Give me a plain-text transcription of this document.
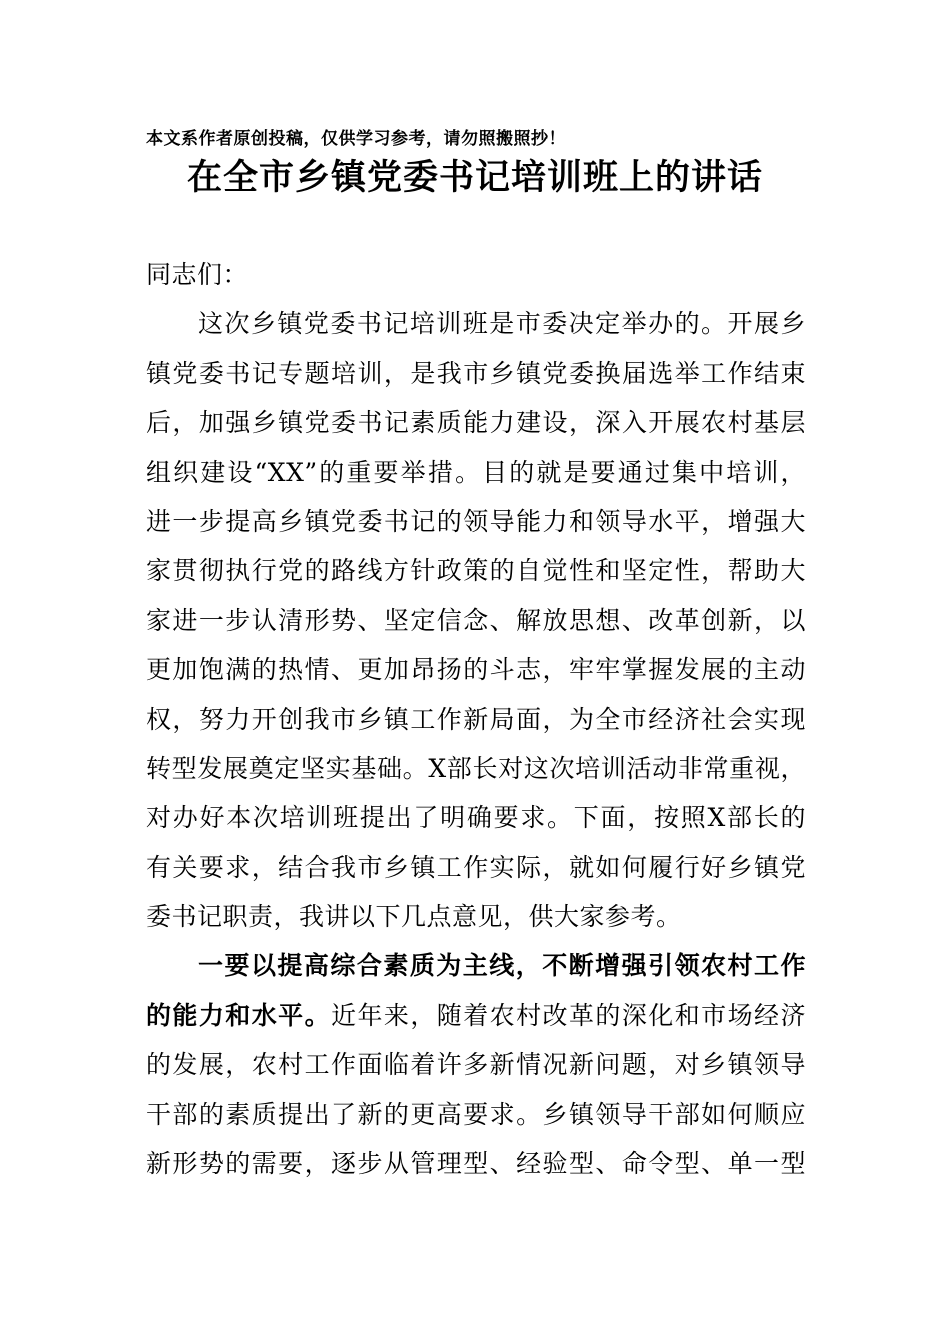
本文系作者原创投稿，仅供学习参考，请勿照搬照抄！
在全市乡镇党委书记培训班上的讲话
同志们：
这次乡镇党委书记培训班是市委决定举办的。开展乡
镇党委书记专题培训，是我市乡镇党委换届选举工作结束
后，加强乡镇党委书记素质能力建设，深入开展农村基层
组织建设“XX”的重要举措。目的就是要通过集中培训，
进一步提高乡镇党委书记的领导能力和领导水平，增强大
家贯彻执行党的路线方针政策的自觉性和坚定性，帮助大
家进一步认清形势、坚定信念、解放思想、改革创新，以
更加饱满的热情、更加昂扬的斗志，牢牢掌握发展的主动
权，努力开创我市乡镇工作新局面，为全市经济社会实现
转型发展奠定坚实基础。X部长对这次培训活动非常重视，
对办好本次培训班提出了明确要求。下面，按照X部长的
有关要求，结合我市乡镇工作实际，就如何履行好乡镇党
委书记职责，我讲以下几点意见，供大家参考。
一要以提高综合素质为主线，不断增强引领农村工作
的能力和水平。近年来，随着农村改革的深化和市场经济
的发展，农村工作面临着许多新情况新问题，对乡镇领导
干部的素质提出了新的更高要求。乡镇领导干部如何顺应
新形势的需要，逐步从管理型、经验型、命令型、单一型
